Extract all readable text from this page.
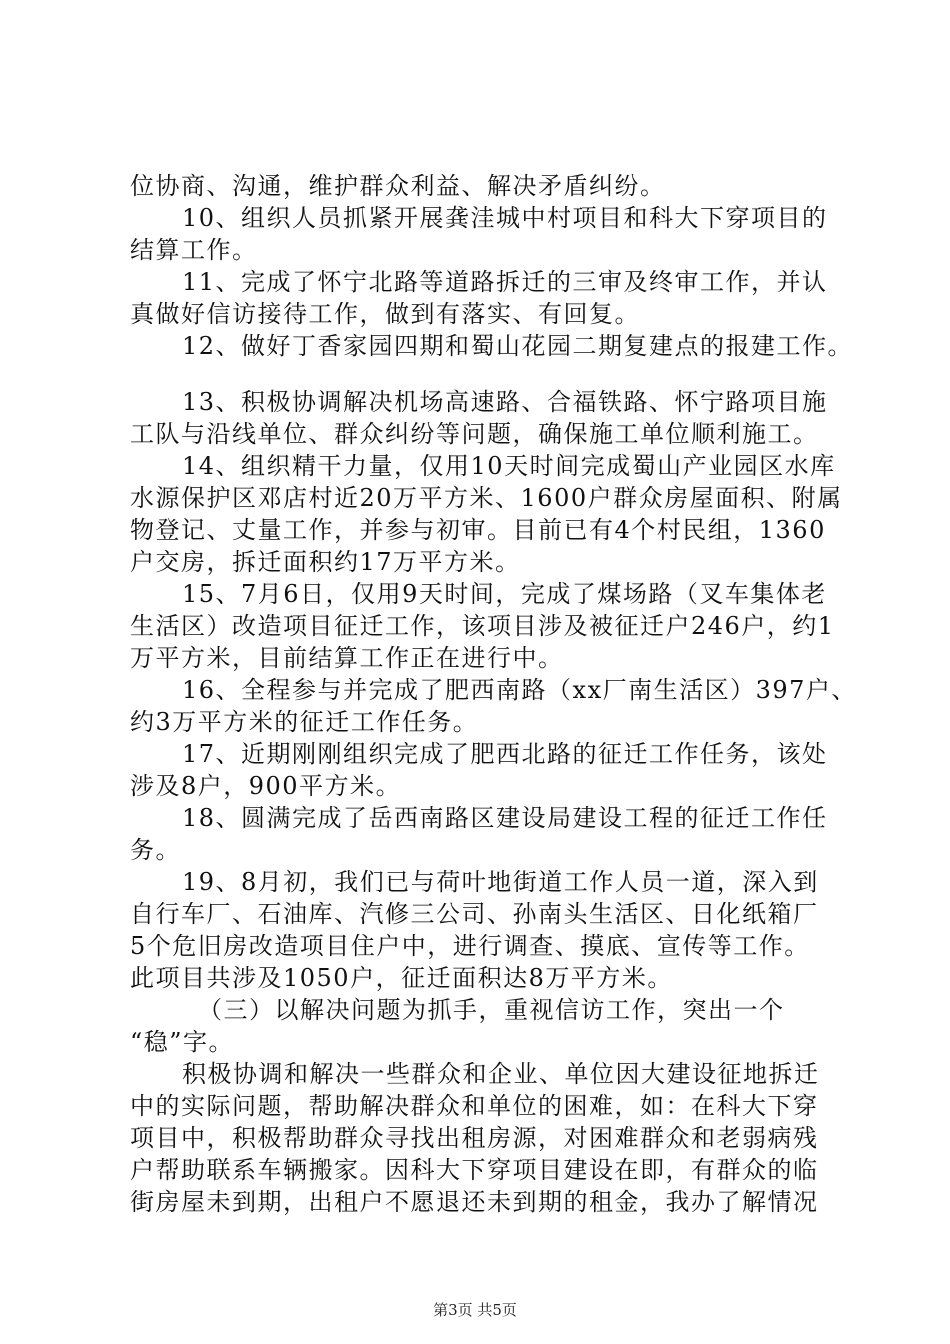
位协商、沟通，维护群众利益、解决矛盾纠纷。
10、组织人员抓紧开展龚洼城中村项目和科大下穿项目的
结算工作。
11、完成了怀宁北路等道路拆迁的三审及终审工作，并认
真做好信访接待工作，做到有落实、有回复。
12、做好丁香家园四期和蜀山花园二期复建点的报建工作。
13、积极协调解决机场高速路、合福铁路、怀宁路项目施
工队与沿线单位、群众纠纷等问题，确保施工单位顺利施工。
14、组织精干力量，仅用10天时间完成蜀山产业园区水库
水源保护区邓店村近20万平方米、1600户群众房屋面积、附属
物登记、丈量工作，并参与初审。目前已有4个村民组，1360
户交房，拆迁面积约17万平方米。
15、7月6日，仅用9天时间，完成了煤场路（叉车集体老
生活区）改造项目征迁工作，该项目涉及被征迁户246户，约1
万平方米，目前结算工作正在进行中。
16、全程参与并完成了肥西南路（xx厂南生活区）397户、
约3万平方米的征迁工作任务。
17、近期刚刚组织完成了肥西北路的征迁工作任务，该处
涉及8户，900平方米。
18、圆满完成了岳西南路区建设局建设工程的征迁工作任
务。
19、8月初，我们已与荷叶地街道工作人员一道，深入到
自行车厂、石油库、汽修三公司、孙南头生活区、日化纸箱厂
5个危旧房改造项目住户中，进行调查、摸底、宣传等工作。
此项目共涉及1050户，征迁面积达8万平方米。
（三）以解决问题为抓手，重视信访工作，突出一个
“稳”字。
积极协调和解决一些群众和企业、单位因大建设征地拆迁
中的实际问题，帮助解决群众和单位的困难，如：在科大下穿
项目中，积极帮助群众寻找出租房源，对困难群众和老弱病残
户帮助联系车辆搬家。因科大下穿项目建设在即，有群众的临
街房屋未到期，出租户不愿退还未到期的租金，我办了解情况
第3页 共5页
